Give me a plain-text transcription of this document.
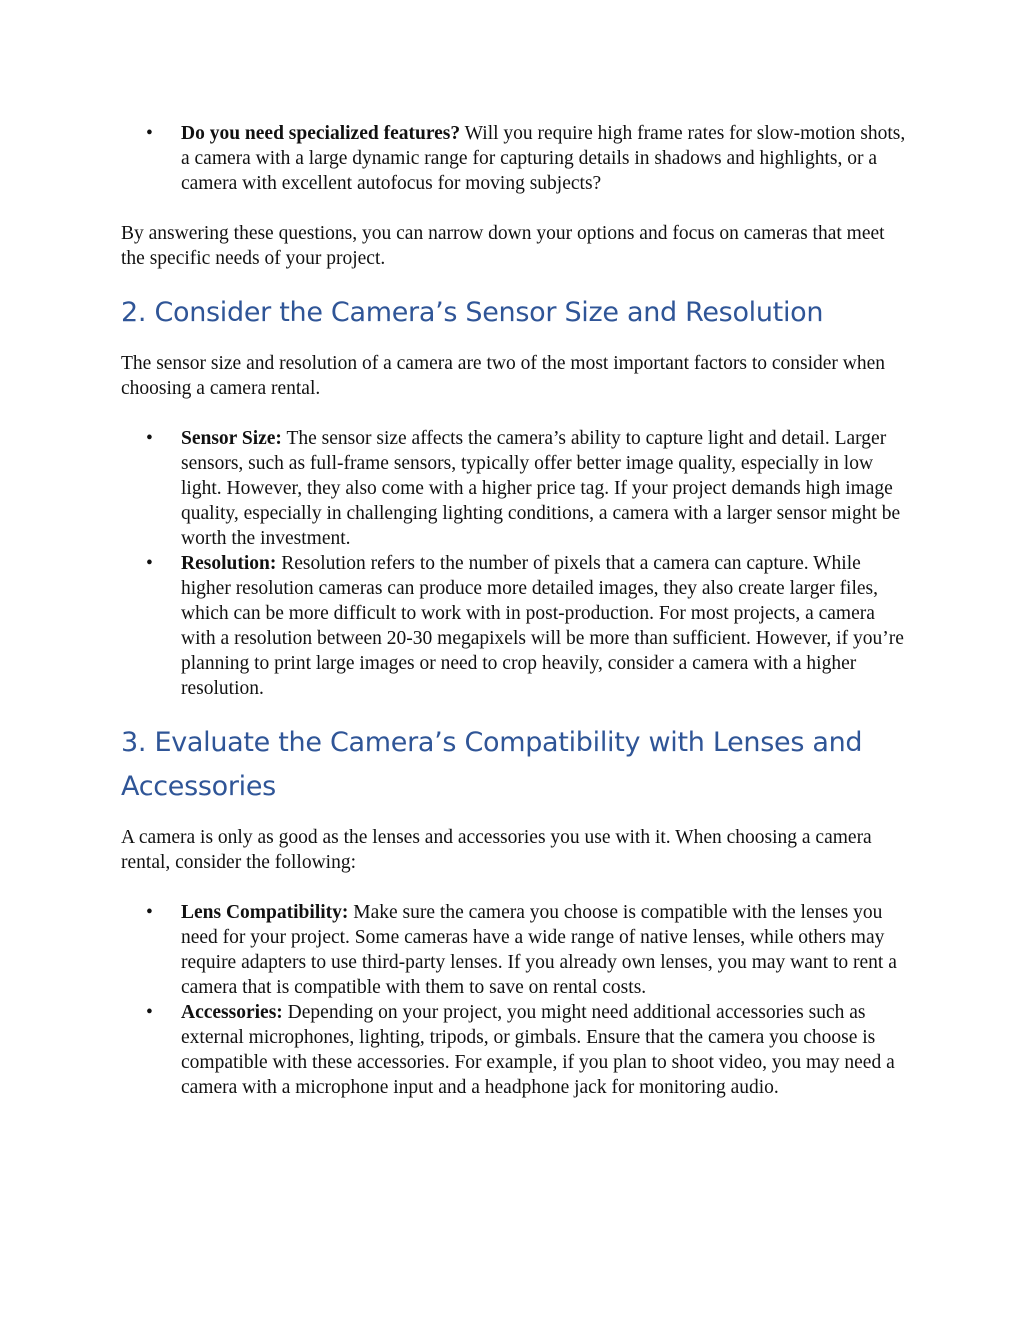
• Do you need specialized features? Will you require high frame rates for slow-motion shots, a camera with a large dynamic range for capturing details in shadows and highlights, or a camera with excellent autofocus for moving subjects?

By answering these questions, you can narrow down your options and focus on cameras that meet the specific needs of your project.

2. Consider the Camera’s Sensor Size and Resolution

The sensor size and resolution of a camera are two of the most important factors to consider when choosing a camera rental.

• Sensor Size: The sensor size affects the camera’s ability to capture light and detail. Larger sensors, such as full-frame sensors, typically offer better image quality, especially in low light. However, they also come with a higher price tag. If your project demands high image quality, especially in challenging lighting conditions, a camera with a larger sensor might be worth the investment.
• Resolution: Resolution refers to the number of pixels that a camera can capture. While higher resolution cameras can produce more detailed images, they also create larger files, which can be more difficult to work with in post-production. For most projects, a camera with a resolution between 20-30 megapixels will be more than sufficient. However, if you’re planning to print large images or need to crop heavily, consider a camera with a higher resolution.
3. Evaluate the Camera’s Compatibility with Lenses and Accessories

A camera is only as good as the lenses and accessories you use with it. When choosing a camera rental, consider the following:

• Lens Compatibility: Make sure the camera you choose is compatible with the lenses you need for your project. Some cameras have a wide range of native lenses, while others may require adapters to use third-party lenses. If you already own lenses, you may want to rent a camera that is compatible with them to save on rental costs.
• Accessories: Depending on your project, you might need additional accessories such as external microphones, lighting, tripods, or gimbals. Ensure that the camera you choose is compatible with these accessories. For example, if you plan to shoot video, you may need a camera with a microphone input and a headphone jack for monitoring audio.
